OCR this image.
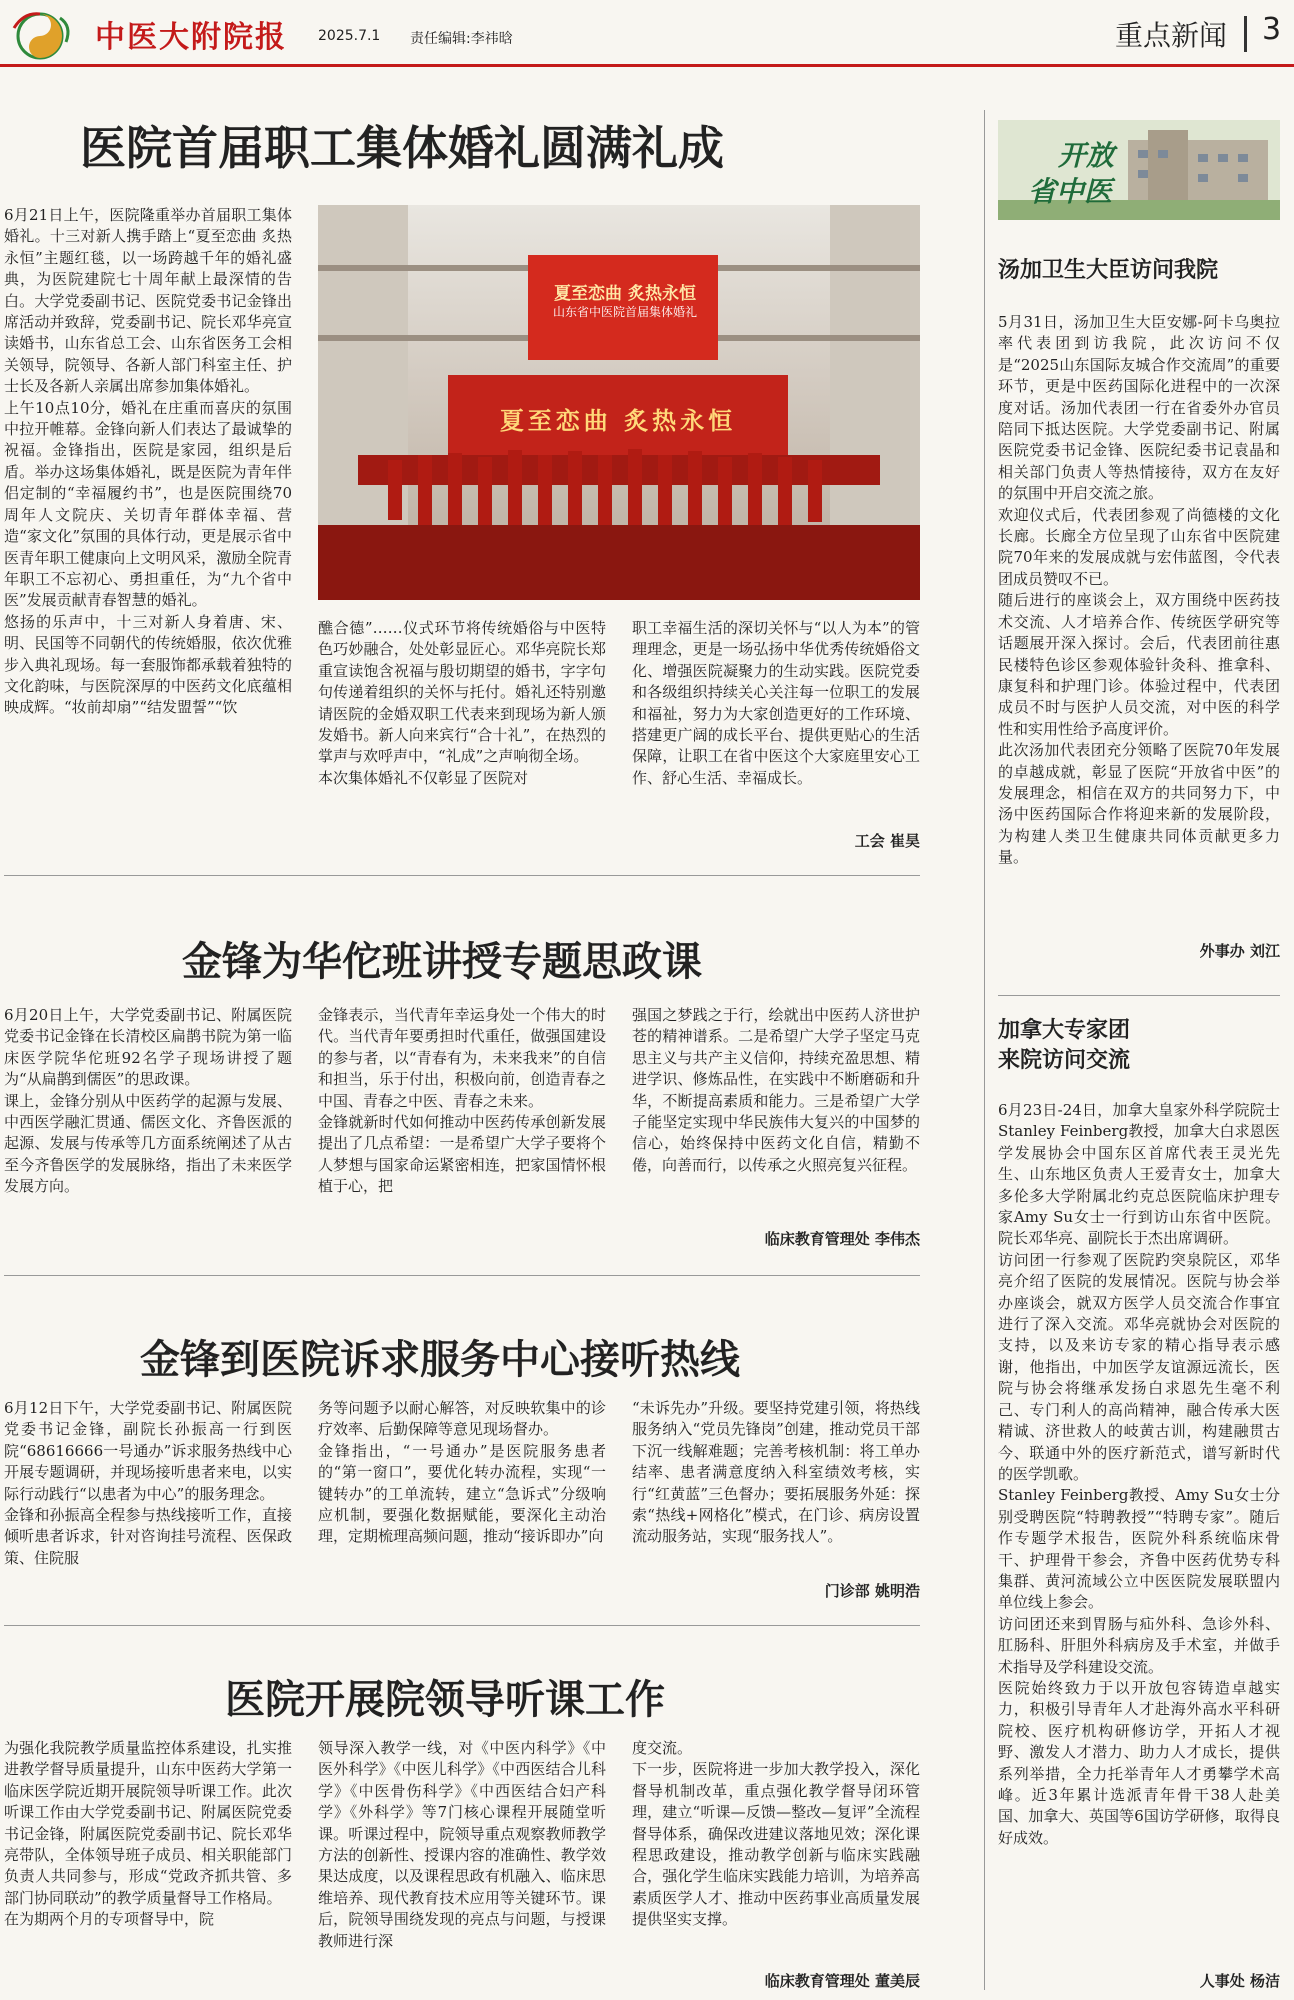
中医大附院报 2025.7.1 责任编辑:李祎晗	重点新闻 3
医院首届职工集体婚礼圆满礼成
夏至恋曲 炙热永恒
山东省中医院首届集体婚礼
夏至恋曲 炙热永恒
6月21日上午，医院隆重举办首届职工集体婚礼。十三对新人携手踏上“夏至恋曲 炙热永恒”主题红毯，以一场跨越千年的婚礼盛典，为医院建院七十周年献上最深情的告白。大学党委副书记、医院党委书记金锋出席活动并致辞，党委副书记、院长邓华亮宣读婚书，山东省总工会、山东省医务工会相关领导，院领导、各新人部门科室主任、护士长及各新人亲属出席参加集体婚礼。
上午10点10分，婚礼在庄重而喜庆的氛围中拉开帷幕。金锋向新人们表达了最诚挚的祝福。金锋指出，医院是家园，组织是后盾。举办这场集体婚礼，既是医院为青年伴侣定制的“幸福履约书”，也是医院围绕70周年人文院庆、关切青年群体幸福、营造“家文化”氛围的具体行动，更是展示省中医青年职工健康向上文明风采，激励全院青年职工不忘初心、勇担重任，为“九个省中医”发展贡献青春智慧的婚礼。
悠扬的乐声中，十三对新人身着唐、宋、明、民国等不同朝代的传统婚服，依次优雅步入典礼现场。每一套服饰都承载着独特的文化韵味，与医院深厚的中医药文化底蕴相映成辉。“妆前却扇”“结发盟誓”“饮
醮合德”……仪式环节将传统婚俗与中医特色巧妙融合，处处彰显匠心。邓华亮院长郑重宣读饱含祝福与殷切期望的婚书，字字句句传递着组织的关怀与托付。婚礼还特别邀请医院的金婚双职工代表来到现场为新人颁发婚书。新人向来宾行“合十礼”，在热烈的掌声与欢呼声中，“礼成”之声响彻全场。
本次集体婚礼不仅彰显了医院对
职工幸福生活的深切关怀与“以人为本”的管理理念，更是一场弘扬中华优秀传统婚俗文化、增强医院凝聚力的生动实践。医院党委和各级组织持续关心关注每一位职工的发展和福祉，努力为大家创造更好的工作环境、搭建更广阔的成长平台、提供更贴心的生活保障，让职工在省中医这个大家庭里安心工作、舒心生活、幸福成长。
工会 崔昊
金锋为华佗班讲授专题思政课
6月20日上午，大学党委副书记、附属医院党委书记金锋在长清校区扁鹊书院为第一临床医学院华佗班92名学子现场讲授了题为“从扁鹊到儒医”的思政课。
课上，金锋分别从中医药学的起源与发展、中西医学融汇贯通、儒医文化、齐鲁医派的起源、发展与传承等几方面系统阐述了从古至今齐鲁医学的发展脉络，指出了未来医学发展方向。
金锋表示，当代青年幸运身处一个伟大的时代。当代青年要勇担时代重任，做强国建设的参与者，以“青春有为，未来我来”的自信和担当，乐于付出，积极向前，创造青春之中国、青春之中医、青春之未来。
金锋就新时代如何推动中医药传承创新发展提出了几点希望：一是希望广大学子要将个人梦想与国家命运紧密相连，把家国情怀根植于心，把
强国之梦践之于行，绘就出中医药人济世护苍的精神谱系。二是希望广大学子坚定马克思主义与共产主义信仰，持续充盈思想、精进学识、修炼品性，在实践中不断磨砺和升华，不断提高素质和能力。三是希望广大学子能坚定实现中华民族伟大复兴的中国梦的信心，始终保持中医药文化自信，精勤不倦，向善而行，以传承之火照亮复兴征程。
临床教育管理处 李伟杰
金锋到医院诉求服务中心接听热线
6月12日下午，大学党委副书记、附属医院党委书记金锋，副院长孙振高一行到医院“68616666一号通办”诉求服务热线中心开展专题调研，并现场接听患者来电，以实际行动践行“以患者为中心”的服务理念。
金锋和孙振高全程参与热线接听工作，直接倾听患者诉求，针对咨询挂号流程、医保政策、住院服
务等问题予以耐心解答，对反映软集中的诊疗效率、后勤保障等意见现场督办。
金锋指出，“一号通办”是医院服务患者的“第一窗口”，要优化转办流程，实现“一键转办”的工单流转，建立“急诉式”分级响应机制，要强化数据赋能，要深化主动治理，定期梳理高频问题，推动“接诉即办”向
“未诉先办”升级。要坚持党建引领，将热线服务纳入“党员先锋岗”创建，推动党员干部下沉一线解难题；完善考核机制：将工单办结率、患者满意度纳入科室绩效考核，实行“红黄蓝”三色督办；要拓展服务外延：探索“热线+网格化”模式，在门诊、病房设置流动服务站，实现“服务找人”。
门诊部 姚明浩
医院开展院领导听课工作
为强化我院教学质量监控体系建设，扎实推进教学督导质量提升，山东中医药大学第一临床医学院近期开展院领导听课工作。此次听课工作由大学党委副书记、附属医院党委书记金锋，附属医院党委副书记、院长邓华亮带队，全体领导班子成员、相关职能部门负责人共同参与，形成“党政齐抓共管、多部门协同联动”的教学质量督导工作格局。
在为期两个月的专项督导中，院
领导深入教学一线，对《中医内科学》《中医外科学》《中医儿科学》《中西医结合儿科学》《中医骨伤科学》《中西医结合妇产科学》《外科学》等7门核心课程开展随堂听课。听课过程中，院领导重点观察教师教学方法的创新性、授课内容的准确性、教学效果达成度，以及课程思政有机融入、临床思维培养、现代教育技术应用等关键环节。课后，院领导围绕发现的亮点与问题，与授课教师进行深
度交流。
下一步，医院将进一步加大教学投入，深化督导机制改革，重点强化教学督导闭环管理，建立“听课—反馈—整改—复评”全流程督导体系，确保改进建议落地见效；深化课程思政建设，推动教学创新与临床实践融合，强化学生临床实践能力培训，为培养高素质医学人才、推动中医药事业高质量发展提供坚实支撑。
临床教育管理处 董美辰
开放
省中医
汤加卫生大臣访问我院
5月31日，汤加卫生大臣安娜-阿卡乌奥拉率代表团到访我院，此次访问不仅是“2025山东国际友城合作交流周”的重要环节，更是中医药国际化进程中的一次深度对话。汤加代表团一行在省委外办官员陪同下抵达医院。大学党委副书记、附属医院党委书记金锋、医院纪委书记袁晶和相关部门负责人等热情接待，双方在友好的氛围中开启交流之旅。
欢迎仪式后，代表团参观了尚德楼的文化长廊。长廊全方位呈现了山东省中医院建院70年来的发展成就与宏伟蓝图，令代表团成员赞叹不已。
随后进行的座谈会上，双方围绕中医药技术交流、人才培养合作、传统医学研究等话题展开深入探讨。会后，代表团前往惠民楼特色诊区参观体验针灸科、推拿科、康复科和护理门诊。体验过程中，代表团成员不时与医护人员交流，对中医的科学性和实用性给予高度评价。
此次汤加代表团充分领略了医院70年发展的卓越成就，彰显了医院“开放省中医”的发展理念，相信在双方的共同努力下，中汤中医药国际合作将迎来新的发展阶段，为构建人类卫生健康共同体贡献更多力量。
外事办 刘江
加拿大专家团
来院访问交流
6月23日-24日，加拿大皇家外科学院院士Stanley Feinberg教授，加拿大白求恩医学发展协会中国东区首席代表王灵光先生、山东地区负责人王爱青女士，加拿大多伦多大学附属北约克总医院临床护理专家Amy Su女士一行到访山东省中医院。院长邓华亮、副院长于杰出席调研。
访问团一行参观了医院趵突泉院区，邓华亮介绍了医院的发展情况。医院与协会举办座谈会，就双方医学人员交流合作事宜进行了深入交流。邓华亮就协会对医院的支持，以及来访专家的精心指导表示感谢，他指出，中加医学友谊源远流长，医院与协会将继承发扬白求恩先生毫不利己、专门利人的高尚精神，融合传承大医精诚、济世救人的岐黄古训，构建融贯古今、联通中外的医疗新范式，谱写新时代的医学凯歌。
Stanley Feinberg教授、Amy Su女士分别受聘医院“特聘教授”“特聘专家”。随后作专题学术报告，医院外科系统临床骨干、护理骨干参会，齐鲁中医药优势专科集群、黄河流域公立中医医院发展联盟内单位线上参会。
访问团还来到胃肠与疝外科、急诊外科、肛肠科、肝胆外科病房及手术室，并做手术指导及学科建设交流。
医院始终致力于以开放包容铸造卓越实力，积极引导青年人才赴海外高水平科研院校、医疗机构研修访学，开拓人才视野、激发人才潜力、助力人才成长，提供系列举措，全力托举青年人才勇攀学术高峰。近3年累计选派青年骨干38人赴美国、加拿大、英国等6国访学研修，取得良好成效。
人事处 杨洁
